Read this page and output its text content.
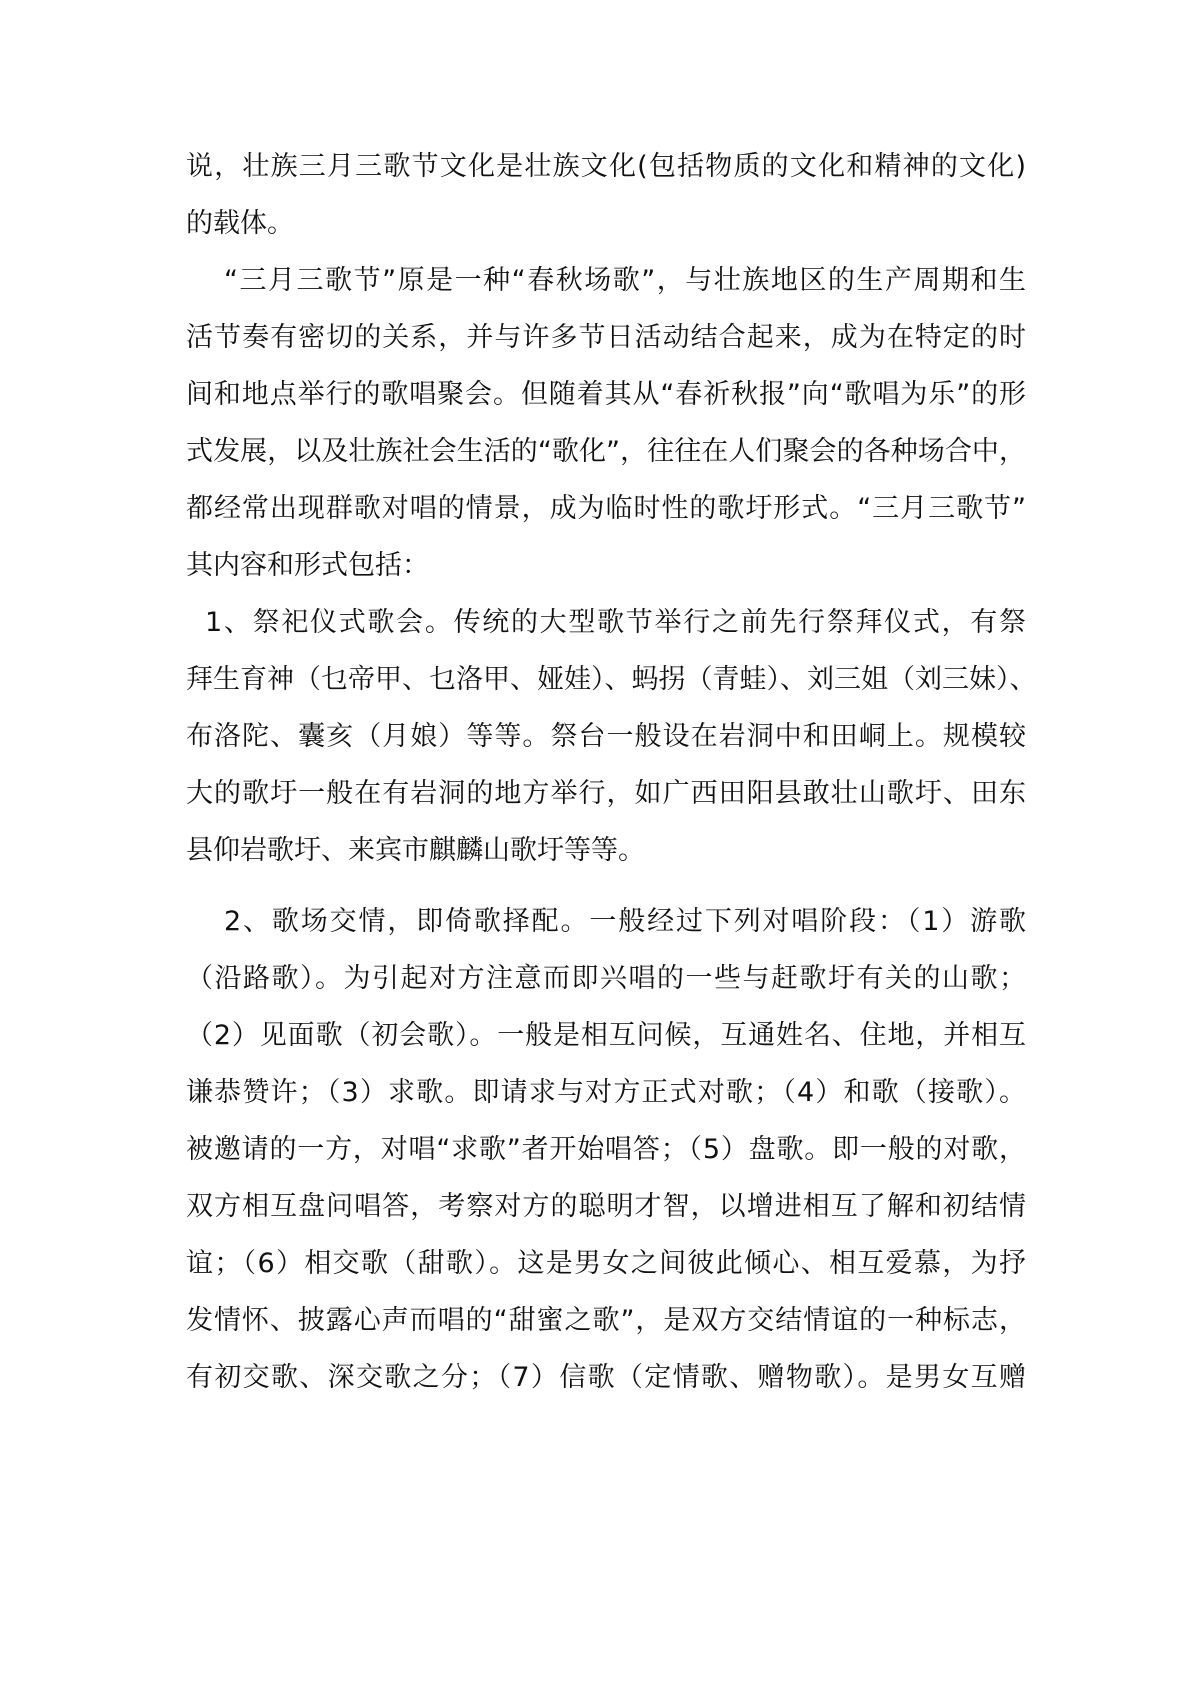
说，壮族三月三歌节文化是壮族文化(包括物质的文化和精神的文化)
的载体。
“三月三歌节”原是一种“春秋场歌”，与壮族地区的生产周期和生
活节奏有密切的关系，并与许多节日活动结合起来，成为在特定的时
间和地点举行的歌唱聚会。但随着其从“春祈秋报”向“歌唱为乐”的形
式发展，以及壮族社会生活的“歌化”，往往在人们聚会的各种场合中，
都经常出现群歌对唱的情景，成为临时性的歌圩形式。“三月三歌节”
其内容和形式包括：
1、祭祀仪式歌会。传统的大型歌节举行之前先行祭拜仪式，有祭
拜生育神（乜帝甲、乜洛甲、娅娃）、蚂拐（青蛙）、刘三姐（刘三妹）、
布洛陀、囊亥（月娘）等等。祭台一般设在岩洞中和田峒上。规模较
大的歌圩一般在有岩洞的地方举行，如广西田阳县敢壮山歌圩、田东
县仰岩歌圩、来宾市麒麟山歌圩等等。
2、歌场交情，即倚歌择配。一般经过下列对唱阶段：（1）游歌
（沿路歌）。为引起对方注意而即兴唱的一些与赶歌圩有关的山歌；
（2）见面歌（初会歌）。一般是相互问候，互通姓名、住地，并相互
谦恭赞许；（3）求歌。即请求与对方正式对歌；（4）和歌（接歌）。
被邀请的一方，对唱“求歌”者开始唱答；（5）盘歌。即一般的对歌，
双方相互盘问唱答，考察对方的聪明才智，以增进相互了解和初结情
谊；（6）相交歌（甜歌）。这是男女之间彼此倾心、相互爱慕，为抒
发情怀、披露心声而唱的“甜蜜之歌”，是双方交结情谊的一种标志，
有初交歌、深交歌之分；（7）信歌（定情歌、赠物歌）。是男女互赠
